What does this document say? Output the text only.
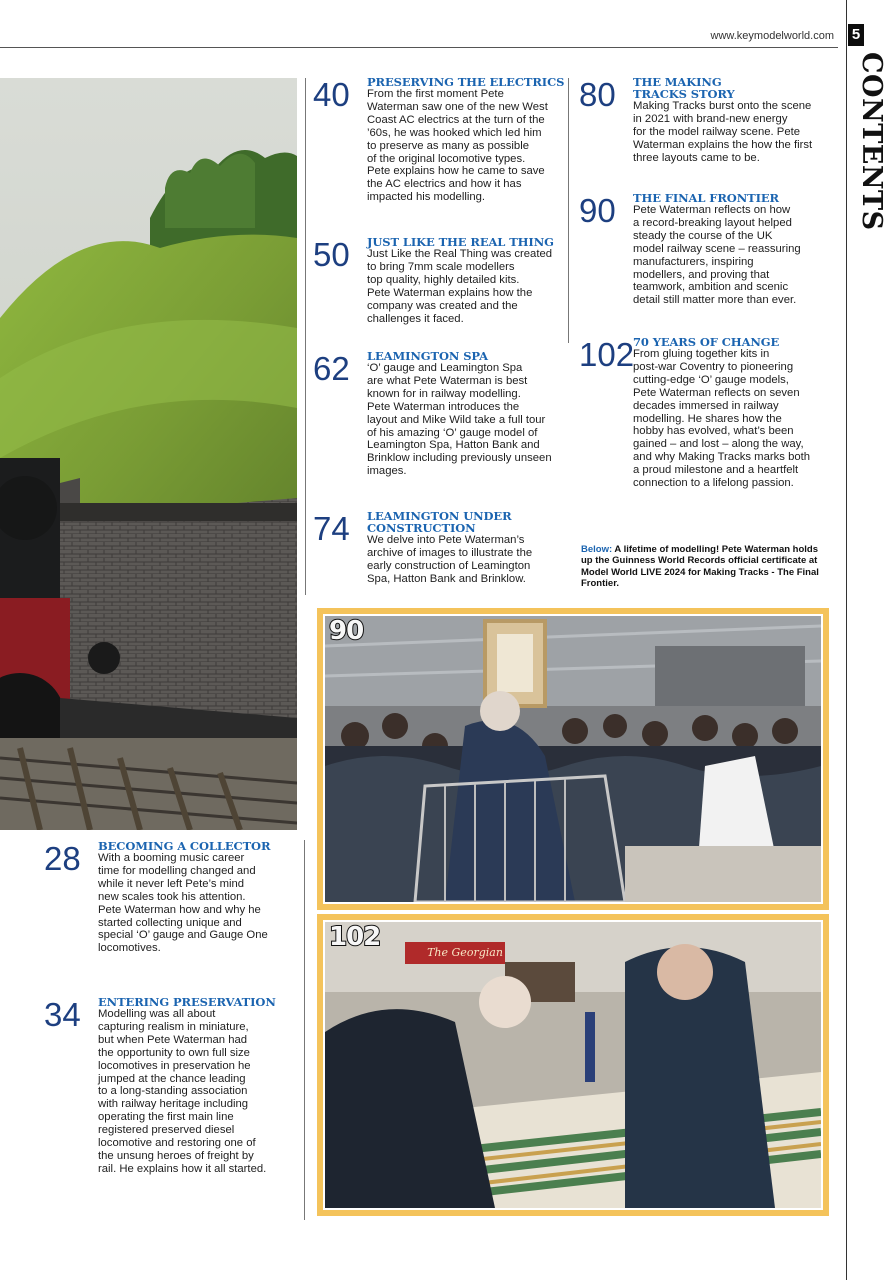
www.keymodelworld.com 5
CONTENTS
40 PRESERVING THE ELECTRICS
From the first moment Pete
Waterman saw one of the new West
Coast AC electrics at the turn of the
’60s, he was hooked which led him
to preserve as many as possible
of the original locomotive types.
Pete explains how he came to save
the AC electrics and how it has
impacted his modelling.
50 JUST LIKE THE REAL THING
Just Like the Real Thing was created
to bring 7mm scale modellers
top quality, highly detailed kits.
Pete Waterman explains how the
company was created and the
challenges it faced.
62 LEAMINGTON SPA
‘O’ gauge and Leamington Spa
are what Pete Waterman is best
known for in railway modelling.
Pete Waterman introduces the
layout and Mike Wild take a full tour
of his amazing ‘O’ gauge model of
Leamington Spa, Hatton Bank and
Brinklow including previously unseen
images.
74 LEAMINGTON UNDER
CONSTRUCTION
We delve into Pete Waterman’s
archive of images to illustrate the
early construction of Leamington
Spa, Hatton Bank and Brinklow.
80 THE MAKING
TRACKS STORY
Making Tracks burst onto the scene
in 2021 with brand-new energy
for the model railway scene. Pete
Waterman explains the how the first
three layouts came to be.
90 THE FINAL FRONTIER
Pete Waterman reflects on how
a record-breaking layout helped
steady the course of the UK
model railway scene – reassuring
manufacturers, inspiring
modellers, and proving that
teamwork, ambition and scenic
detail still matter more than ever.
102
70 YEARS OF CHANGE
From gluing together kits in
post-war Coventry to pioneering
cutting-edge ‘O’ gauge models,
Pete Waterman reflects on seven
decades immersed in railway
modelling. He shares how the
hobby has evolved, what’s been
gained – and lost – along the way,
and why Making Tracks marks both
a proud milestone and a heartfelt
connection to a lifelong passion.
Below: A lifetime of modelling! Pete Waterman holds up the Guinness World Records official certificate at Model World LIVE 2024 for Making Tracks - The Final Frontier.
28 BECOMING A COLLECTOR
With a booming music career
time for modelling changed and
while it never left Pete’s mind
new scales took his attention.
Pete Waterman how and why he
started collecting unique and
special ‘O’ gauge and Gauge One
locomotives.
34 ENTERING PRESERVATION
Modelling was all about
capturing realism in miniature,
but when Pete Waterman had
the opportunity to own full size
locomotives in preservation he
jumped at the chance leading
to a long-standing association
with railway heritage including
operating the first main line
registered preserved diesel
locomotive and restoring one of
the unsung heroes of freight by
rail. He explains how it all started.
90
The Georgian
102
